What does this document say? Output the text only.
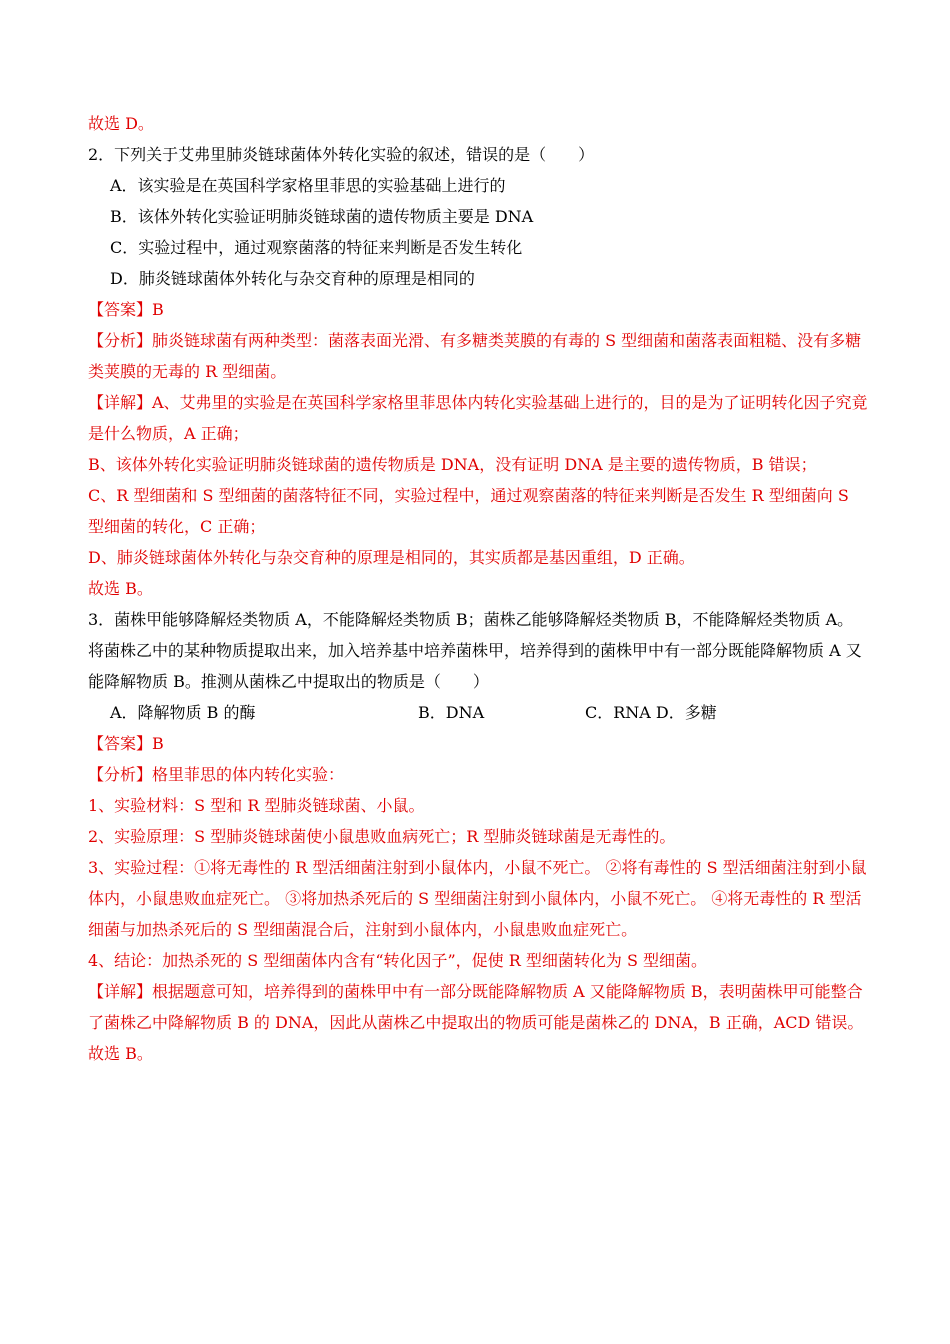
故选 D。

2．下列关于艾弗里肺炎链球菌体外转化实验的叙述，错误的是（　　）

A．该实验是在英国科学家格里菲思的实验基础上进行的

B．该体外转化实验证明肺炎链球菌的遗传物质主要是 DNA

C．实验过程中，通过观察菌落的特征来判断是否发生转化

D．肺炎链球菌体外转化与杂交育种的原理是相同的

【答案】B

【分析】肺炎链球菌有两种类型：菌落表面光滑、有多糖类荚膜的有毒的 S 型细菌和菌落表面粗糙、没有多糖类荚膜的无毒的 R 型细菌。

【详解】A、艾弗里的实验是在英国科学家格里菲思体内转化实验基础上进行的，目的是为了证明转化因子究竟是什么物质，A 正确；

B、该体外转化实验证明肺炎链球菌的遗传物质是 DNA，没有证明 DNA 是主要的遗传物质，B 错误；

C、R 型细菌和 S 型细菌的菌落特征不同，实验过程中，通过观察菌落的特征来判断是否发生 R 型细菌向 S 型细菌的转化，C 正确；

D、肺炎链球菌体外转化与杂交育种的原理是相同的，其实质都是基因重组，D 正确。

故选 B。

3．菌株甲能够降解烃类物质 A，不能降解烃类物质 B；菌株乙能够降解烃类物质 B，不能降解烃类物质 A。将菌株乙中的某种物质提取出来，加入培养基中培养菌株甲，培养得到的菌株甲中有一部分既能降解物质 A 又能降解物质 B。推测从菌株乙中提取出的物质是（　　）

A．降解物质 B 的酶	B．DNA	C．RNA D．多糖

【答案】B

【分析】格里菲思的体内转化实验：

1、实验材料：S 型和 R 型肺炎链球菌、小鼠。

2、实验原理：S 型肺炎链球菌使小鼠患败血病死亡；R 型肺炎链球菌是无毒性的。

3、实验过程：①将无毒性的 R 型活细菌注射到小鼠体内，小鼠不死亡。 ②将有毒性的 S 型活细菌注射到小鼠体内，小鼠患败血症死亡。 ③将加热杀死后的 S 型细菌注射到小鼠体内，小鼠不死亡。 ④将无毒性的 R 型活细菌与加热杀死后的 S 型细菌混合后，注射到小鼠体内，小鼠患败血症死亡。

4、结论：加热杀死的 S 型细菌体内含有“转化因子”，促使 R 型细菌转化为 S 型细菌。

【详解】根据题意可知，培养得到的菌株甲中有一部分既能降解物质 A 又能降解物质 B，表明菌株甲可能整合了菌株乙中降解物质 B 的 DNA，因此从菌株乙中提取出的物质可能是菌株乙的 DNA，B 正确，ACD 错误。

故选 B。
